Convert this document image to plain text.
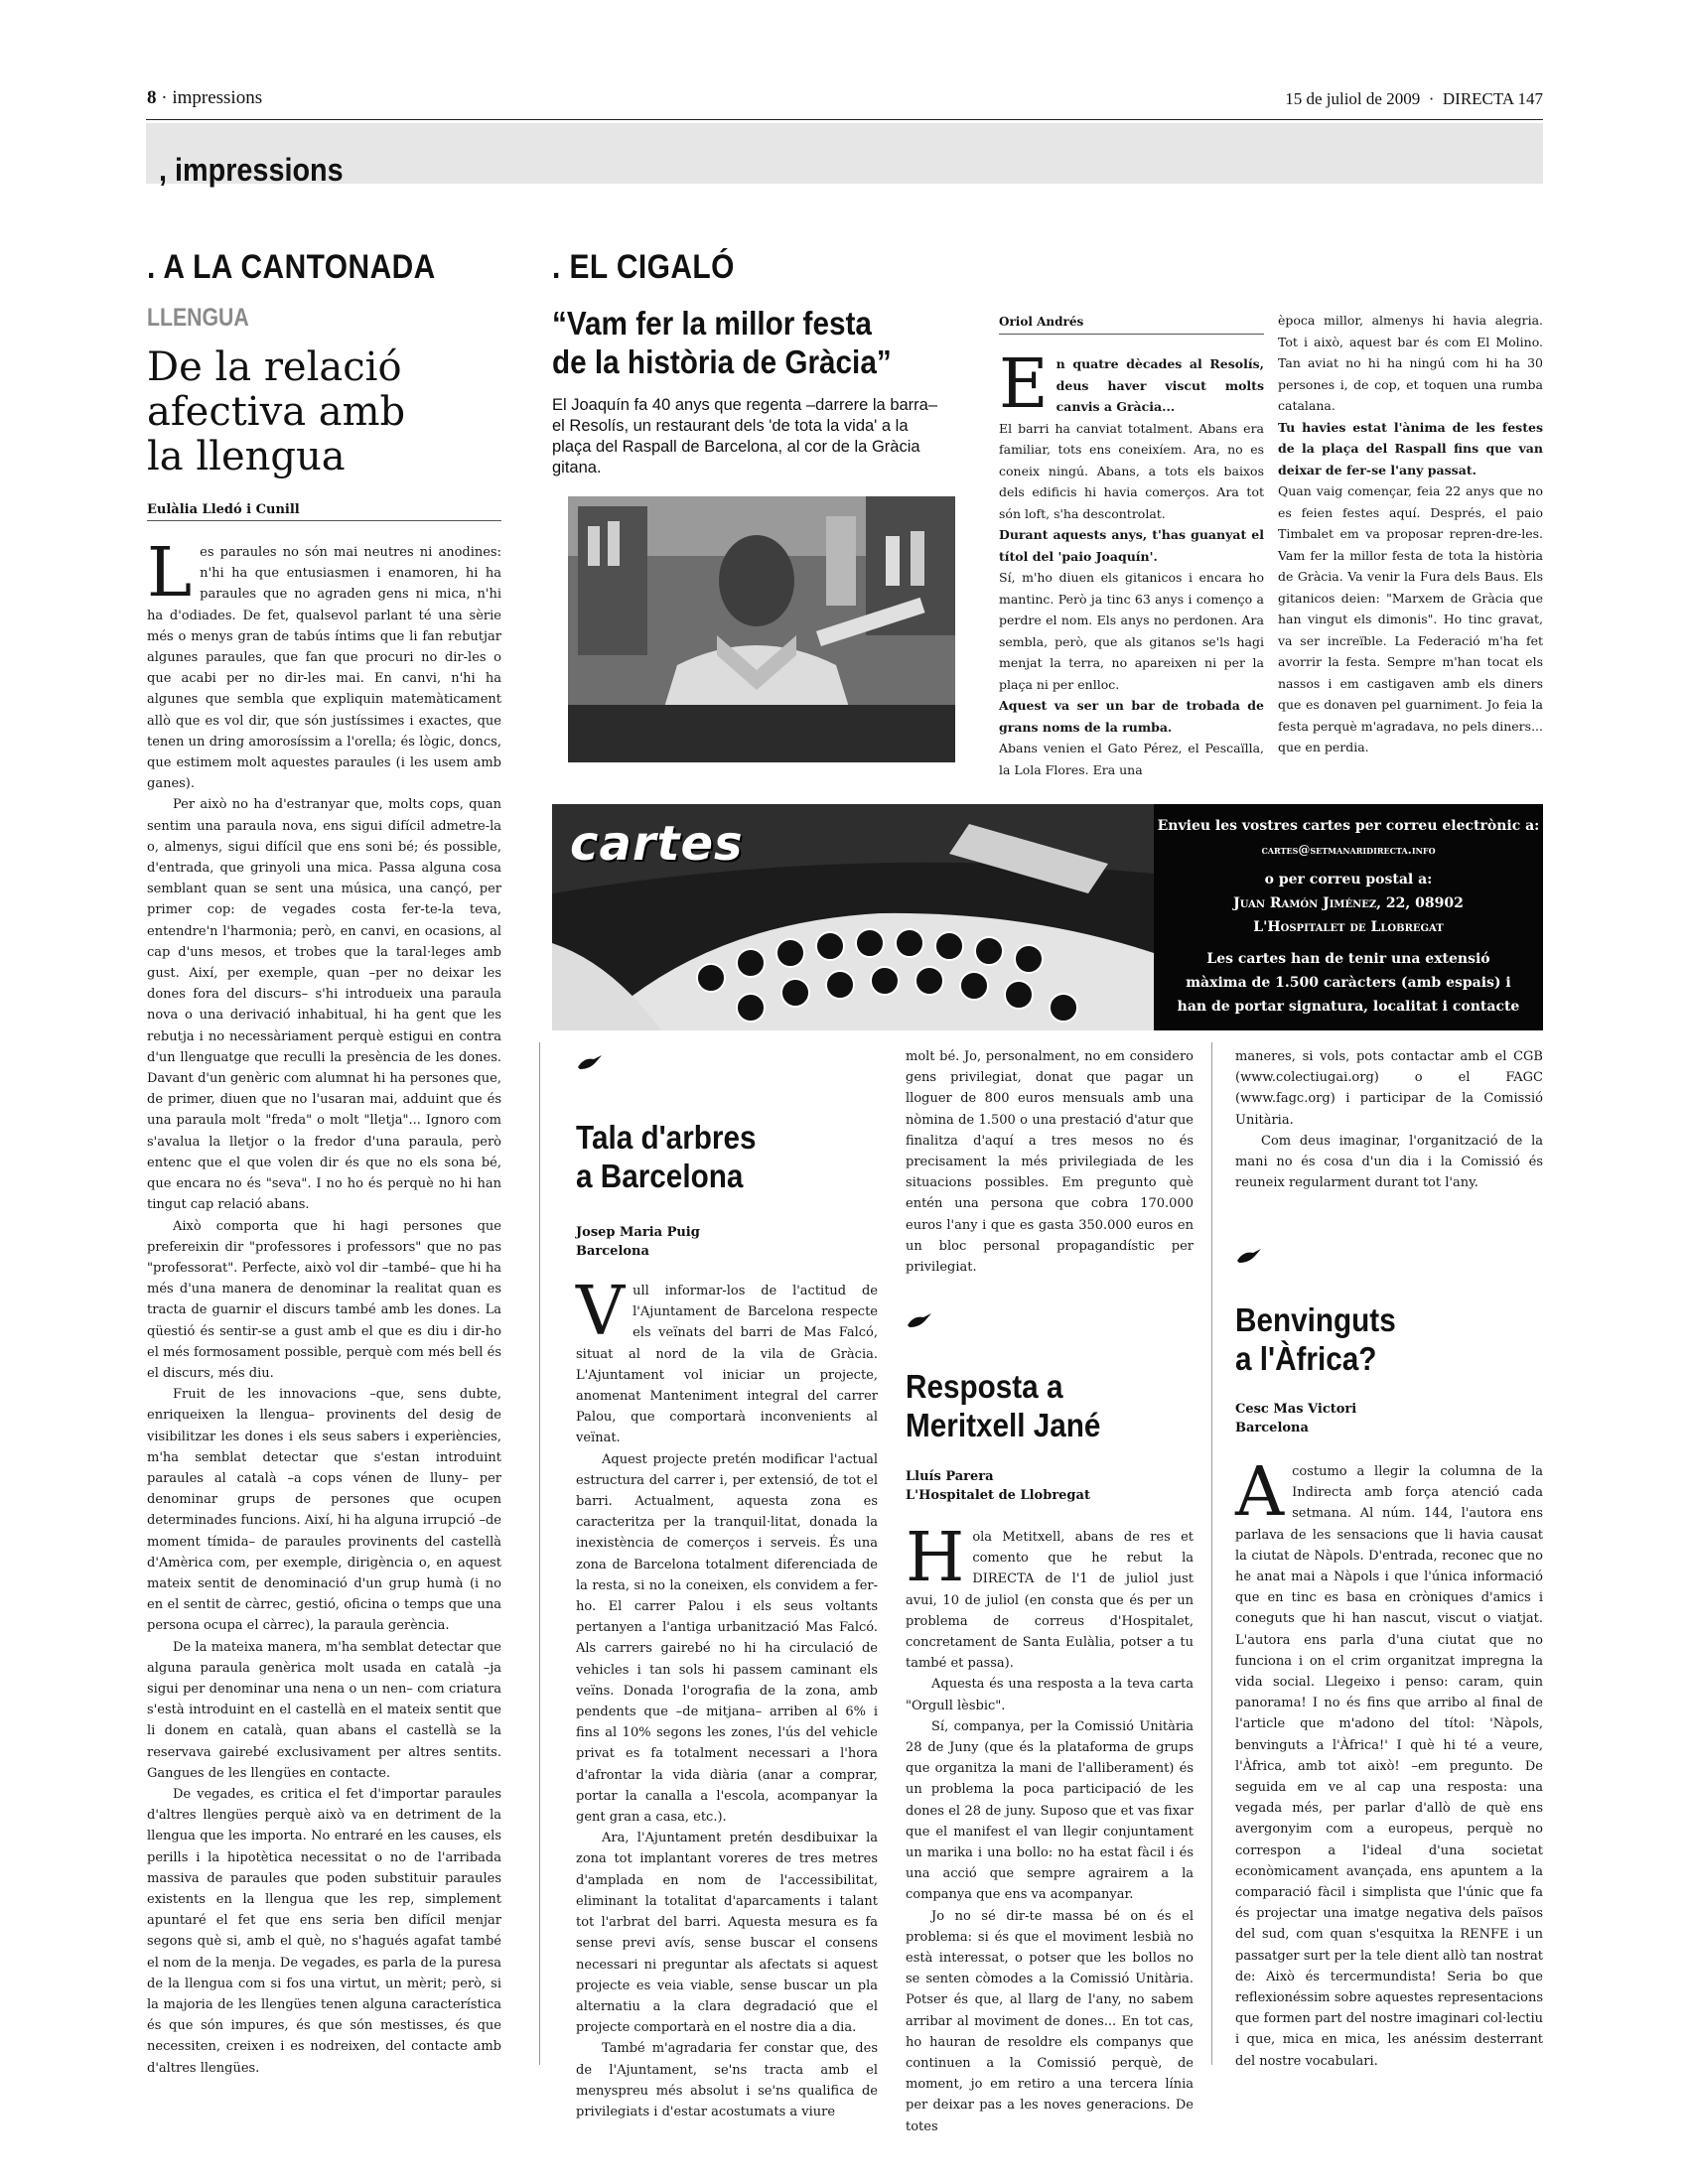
8 · impressions	15 de juliol de 2009 · DIRECTA 147
, impressions
. A LA CANTONADA
LLENGUA
De la relació
afectiva amb
la llengua
Eulàlia Lledó i Cunill

Les paraules no són mai neutres ni anodines: n'hi ha que entusiasmen i enamoren, hi ha paraules que no agraden gens ni mica, n'hi ha d'odiades. De fet, qualsevol parlant té una sèrie més o menys gran de tabús íntims que li fan rebutjar algunes paraules, que fan que procuri no dir-les o que acabi per no dir-les mai. En canvi, n'hi ha algunes que sembla que expliquin matemàticament allò que es vol dir, que són justíssimes i exactes, que tenen un dring amorosíssim a l'orella; és lògic, doncs, que estimem molt aquestes paraules (i les usem amb ganes).

Per això no ha d'estranyar que, molts cops, quan sentim una paraula nova, ens sigui difícil admetre-la o, almenys, sigui difícil que ens soni bé; és possible, d'entrada, que grinyoli una mica. Passa alguna cosa semblant quan se sent una música, una cançó, per primer cop: de vegades costa fer-te-la teva, entendre'n l'harmonia; però, en canvi, en ocasions, al cap d'uns mesos, et trobes que la taral·leges amb gust. Així, per exemple, quan –per no deixar les dones fora del discurs– s'hi introdueix una paraula nova o una derivació inhabitual, hi ha gent que les rebutja i no necessàriament perquè estigui en contra d'un llenguatge que reculli la presència de les dones. Davant d'un genèric com alumnat hi ha persones que, de primer, diuen que no l'usaran mai, adduint que és una paraula molt "freda" o molt "lletja"... Ignoro com s'avalua la lletjor o la fredor d'una paraula, però entenc que el que volen dir és que no els sona bé, que encara no és "seva". I no ho és perquè no hi han tingut cap relació abans.

Això comporta que hi hagi persones que prefereixin dir "professores i professors" que no pas "professorat". Perfecte, això vol dir –també– que hi ha més d'una manera de denominar la realitat quan es tracta de guarnir el discurs també amb les dones. La qüestió és sentir-se a gust amb el que es diu i dir-ho el més formosament possible, perquè com més bell és el discurs, més diu.

Fruit de les innovacions –que, sens dubte, enriqueixen la llengua– provinents del desig de visibilitzar les dones i els seus sabers i experiències, m'ha semblat detectar que s'estan introduint paraules al català –a cops vénen de lluny– per denominar grups de persones que ocupen determinades funcions. Així, hi ha alguna irrupció –de moment tímida– de paraules provinents del castellà d'Amèrica com, per exemple, dirigència o, en aquest mateix sentit de denominació d'un grup humà (i no en el sentit de càrrec, gestió, oficina o temps que una persona ocupa el càrrec), la paraula gerència.

De la mateixa manera, m'ha semblat detectar que alguna paraula genèrica molt usada en català –ja sigui per denominar una nena o un nen– com criatura s'està introduint en el castellà en el mateix sentit que li donem en català, quan abans el castellà se la reservava gairebé exclusivament per altres sentits. Gangues de les llengües en contacte.

De vegades, es critica el fet d'importar paraules d'altres llengües perquè això va en detriment de la llengua que les importa. No entraré en les causes, els perills i la hipotètica necessitat o no de l'arribada massiva de paraules que poden substituir paraules existents en la llengua que les rep, simplement apuntaré el fet que ens seria ben difícil menjar segons què si, amb el què, no s'hagués agafat també el nom de la menja. De vegades, es parla de la puresa de la llengua com si fos una virtut, un mèrit; però, si la majoria de les llengües tenen alguna característica és que són impures, és que són mestisses, és que necessiten, creixen i es nodreixen, del contacte amb d'altres llengües.

. EL CIGALÓ
“Vam fer la millor festa
de la història de Gràcia”
El Joaquín fa 40 anys que regenta –darrere la barra– el Resolís, un restaurant dels 'de tota la vida' a la plaça del Raspall de Barcelona, al cor de la Gràcia gitana.
Oriol Andrés

En quatre dècades al Resolís, deus haver viscut molts canvis a Gràcia...

El barri ha canviat totalment. Abans era familiar, tots ens coneixíem. Ara, no es coneix ningú. Abans, a tots els baixos dels edificis hi havia comerços. Ara tot són loft, s'ha descontrolat.

Durant aquests anys, t'has guanyat el títol del 'paio Joaquín'.

Sí, m'ho diuen els gitanicos i encara ho mantinc. Però ja tinc 63 anys i començo a perdre el nom. Els anys no perdonen. Ara sembla, però, que als gitanos se'ls hagi menjat la terra, no apareixen ni per la plaça ni per enlloc.

Aquest va ser un bar de trobada de grans noms de la rumba.

Abans venien el Gato Pérez, el Pescaïlla, la Lola Flores. Era una

època millor, almenys hi havia alegria. Tot i això, aquest bar és com El Molino. Tan aviat no hi ha ningú com hi ha 30 persones i, de cop, et toquen una rumba catalana.

Tu havies estat l'ànima de les festes de la plaça del Raspall fins que van deixar de fer-se l'any passat.

Quan vaig començar, feia 22 anys que no es feien festes aquí. Després, el paio Timbalet em va proposar repren-dre-les. Vam fer la millor festa de tota la història de Gràcia. Va venir la Fura dels Baus. Els gitanicos deien: "Marxem de Gràcia que han vingut els dimonis". Ho tinc gravat, va ser increïble. La Federació m'ha fet avorrir la festa. Sempre m'han tocat els nassos i em castigaven amb els diners que es donaven pel guarniment. Jo feia la festa perquè m'agradava, no pels diners... que en perdia.

cartes	Envieu les vostres cartes per correu electrònic a:
cartes@setmanaridirecta.info
o per correu postal a:
Juan Ramón Jiménez, 22, 08902
L'Hospitalet de Llobregat
Les cartes han de tenir una extensió
màxima de 1.500 caràcters (amb espais) i
han de portar signatura, localitat i contacte
Tala d'arbres
a Barcelona
Josep Maria Puig
Barcelona

Vull informar-los de l'actitud de l'Ajuntament de Barcelona respecte els veïnats del barri de Mas Falcó, situat al nord de la vila de Gràcia. L'Ajuntament vol iniciar un projecte, anomenat Manteniment integral del carrer Palou, que comportarà inconvenients al veïnat.

Aquest projecte pretén modificar l'actual estructura del carrer i, per extensió, de tot el barri. Actualment, aquesta zona es caracteritza per la tranquil·litat, donada la inexistència de comerços i serveis. És una zona de Barcelona totalment diferenciada de la resta, si no la coneixen, els convidem a fer-ho. El carrer Palou i els seus voltants pertanyen a l'antiga urbanització Mas Falcó. Als carrers gairebé no hi ha circulació de vehicles i tan sols hi passem caminant els veïns. Donada l'orografia de la zona, amb pendents que –de mitjana– arriben al 6% i fins al 10% segons les zones, l'ús del vehicle privat es fa totalment necessari a l'hora d'afrontar la vida diària (anar a comprar, portar la canalla a l'escola, acompanyar la gent gran a casa, etc.).

Ara, l'Ajuntament pretén desdibuixar la zona tot implantant voreres de tres metres d'amplada en nom de l'accessibilitat, eliminant la totalitat d'aparcaments i talant tot l'arbrat del barri. Aquesta mesura es fa sense previ avís, sense buscar el consens necessari ni preguntar als afectats si aquest projecte es veia viable, sense buscar un pla alternatiu a la clara degradació que el projecte comportarà en el nostre dia a dia.

També m'agradaria fer constar que, des de l'Ajuntament, se'ns tracta amb el menyspreu més absolut i se'ns qualifica de privilegiats i d'estar acostumats a viure

molt bé. Jo, personalment, no em considero gens privilegiat, donat que pagar un lloguer de 800 euros mensuals amb una nòmina de 1.500 o una prestació d'atur que finalitza d'aquí a tres mesos no és precisament la més privilegiada de les situacions possibles. Em pregunto què entén una persona que cobra 170.000 euros l'any i que es gasta 350.000 euros en un bloc personal propagandístic per privilegiat.
Resposta a
Meritxell Jané
Lluís Parera
L'Hospitalet de Llobregat

Hola Metitxell, abans de res et comento que he rebut la DIRECTA de l'1 de juliol just avui, 10 de juliol (en consta que és per un problema de correus d'Hospitalet, concretament de Santa Eulàlia, potser a tu també et passa).

Aquesta és una resposta a la teva carta "Orgull lèsbic".

Sí, companya, per la Comissió Unitària 28 de Juny (que és la plataforma de grups que organitza la mani de l'alliberament) és un problema la poca participació de les dones el 28 de juny. Suposo que et vas fixar que el manifest el van llegir conjuntament un marika i una bollo: no ha estat fàcil i és una acció que sempre agrairem a la companya que ens va acompanyar.

Jo no sé dir-te massa bé on és el problema: si és que el moviment lesbià no està interessat, o potser que les bollos no se senten còmodes a la Comissió Unitària. Potser és que, al llarg de l'any, no sabem arribar al moviment de dones... En tot cas, ho hauran de resoldre els companys que continuen a la Comissió perquè, de moment, jo em retiro a una tercera línia per deixar pas a les noves generacions. De totes

maneres, si vols, pots contactar amb el CGB (www.colectiugai.org) o el FAGC (www.fagc.org) i participar de la Comissió Unitària.

Com deus imaginar, l'organització de la mani no és cosa d'un dia i la Comissió és reuneix regularment durant tot l'any.

Benvinguts
a l'Àfrica?
Cesc Mas Victori
Barcelona

Acostumo a llegir la columna de la Indirecta amb força atenció cada setmana. Al núm. 144, l'autora ens parlava de les sensacions que li havia causat la ciutat de Nàpols. D'entrada, reconec que no he anat mai a Nàpols i que l'única informació que en tinc es basa en cròniques d'amics i coneguts que hi han nascut, viscut o viatjat. L'autora ens parla d'una ciutat que no funciona i on el crim organitzat impregna la vida social. Llegeixo i penso: caram, quin panorama! I no és fins que arribo al final de l'article que m'adono del títol: 'Nàpols, benvinguts a l'Àfrica!' I què hi té a veure, l'Àfrica, amb tot això! –em pregunto. De seguida em ve al cap una resposta: una vegada més, per parlar d'allò de què ens avergonyim com a europeus, perquè no correspon a l'ideal d'una societat econòmicament avançada, ens apuntem a la comparació fàcil i simplista que l'únic que fa és projectar una imatge negativa dels països del sud, com quan s'esquitxa la RENFE i un passatger surt per la tele dient allò tan nostrat de: Això és tercermundista! Seria bo que reflexionéssim sobre aquestes representacions que formen part del nostre imaginari col·lectiu i que, mica en mica, les anéssim desterrant del nostre vocabulari.
